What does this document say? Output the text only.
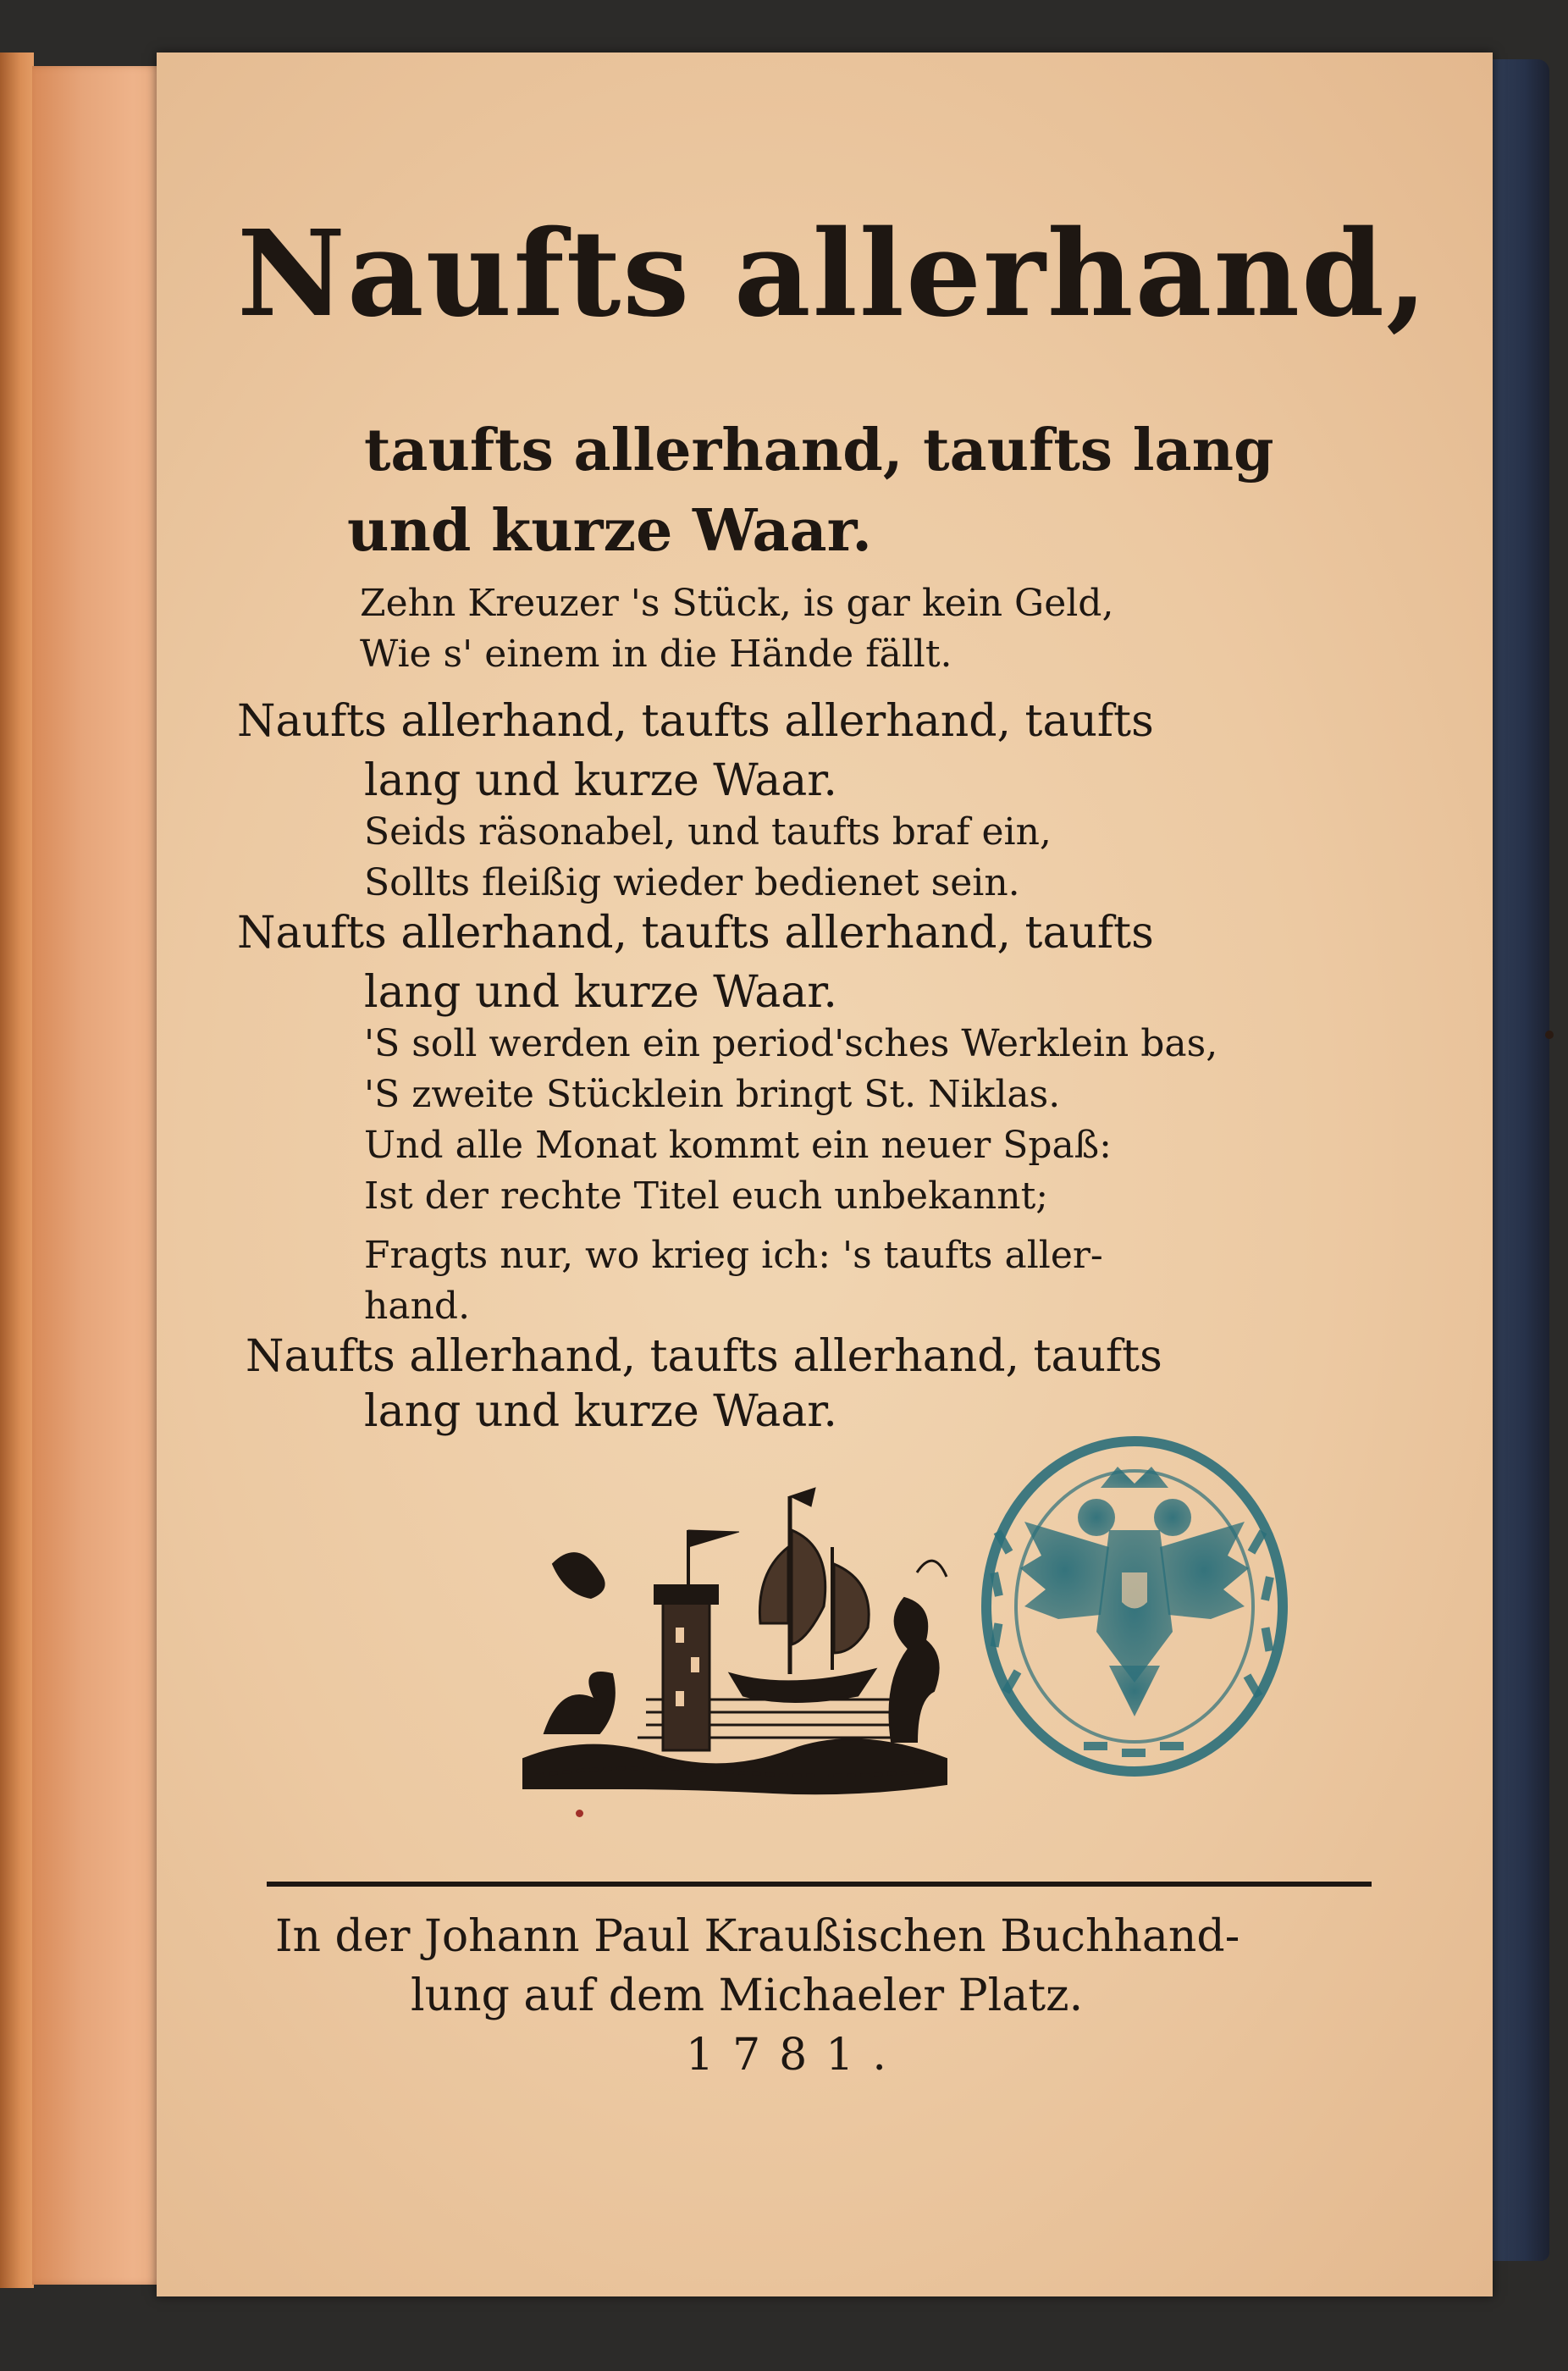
Naufts allerhand,

taufts allerhand, taufts lang

und kurze Waar.

Zehn Kreuzer 's Stück, is gar kein Geld,

Wie s' einem in die Hände fällt.

Naufts allerhand, taufts allerhand, taufts

lang und kurze Waar.

Seids räsonabel, und taufts braf ein,

Sollts fleißig wieder bedienet sein.

Naufts allerhand, taufts allerhand, taufts

lang und kurze Waar.

'S soll werden ein period'sches Werklein bas,

'S zweite Stücklein bringt St. Niklas.

Und alle Monat kommt ein neuer Spaß:

Ist der rechte Titel euch unbekannt;

Fragts nur, wo krieg ich: 's taufts aller-

hand.

Naufts allerhand, taufts allerhand, taufts

lang und kurze Waar.

In der Johann Paul Kraußischen Buchhand-

lung auf dem Michaeler Platz.

1781.
